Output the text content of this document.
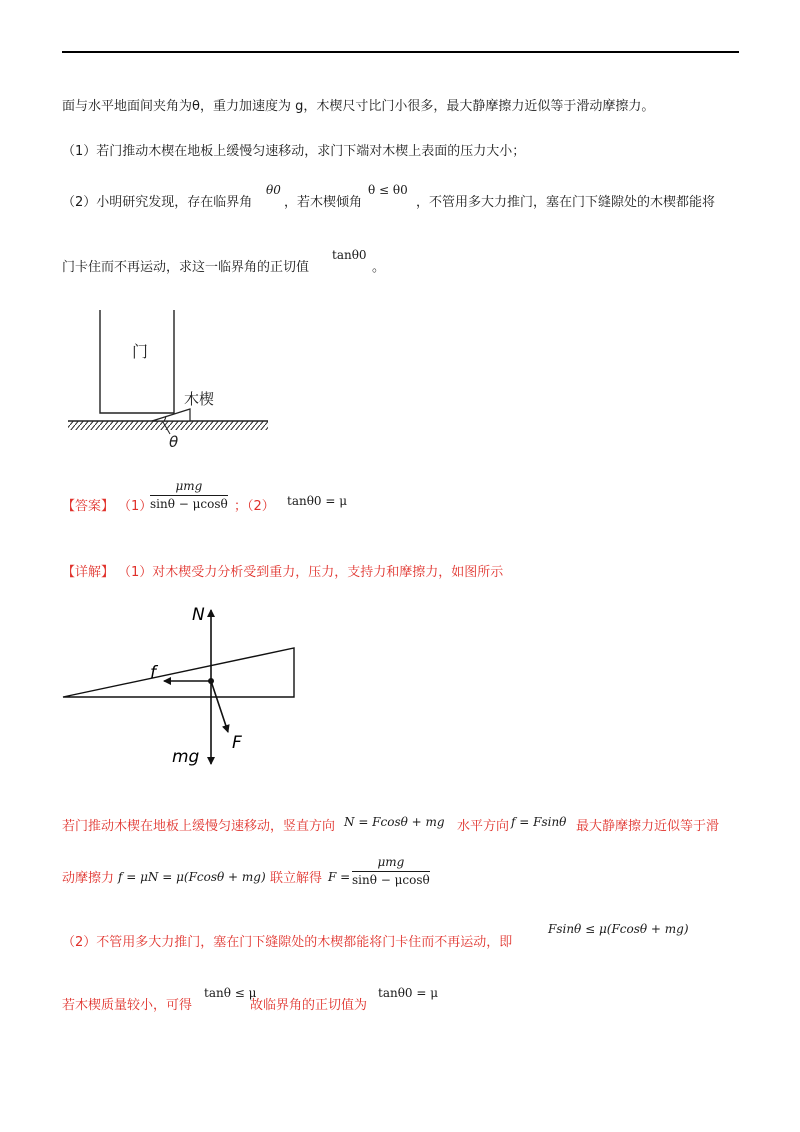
面与水平地面间夹角为θ，重力加速度为 g，木楔尺寸比门小很多，最大静摩擦力近似等于滑动摩擦力。
（1）若门推动木楔在地板上缓慢匀速移动，求门下端对木楔上表面的压力大小；
（2）小明研究发现，存在临界角
θ0
，若木楔倾角
θ ≤ θ0
，不管用多大力推门，塞在门下缝隙处的木楔都能将
门卡住而不再运动，求这一临界角的正切值
tanθ0
。
门
木楔
θ
【答案】 （1）
μmg
sinθ − μcosθ ；（2） tanθ0 = μ
【详解】 （1）对木楔受力分析受到重力，压力，支持力和摩擦力，如图所示
N
f
mg
F
若门推动木楔在地板上缓慢匀速移动，竖直方向 N = Fcosθ + mg 水平方向 f = Fsinθ 最大静摩擦力近似等于滑
动摩擦力 f = μN = μ(Fcosθ + mg) 联立解得 F =
μmg
sinθ − μcosθ
（2）不管用多大力推门，塞在门下缝隙处的木楔都能将门卡住而不再运动，即
Fsinθ ≤ μ(Fcosθ + mg)
若木楔质量较小，可得
tanθ ≤ μ
故临界角的正切值为
tanθ0 = μ
